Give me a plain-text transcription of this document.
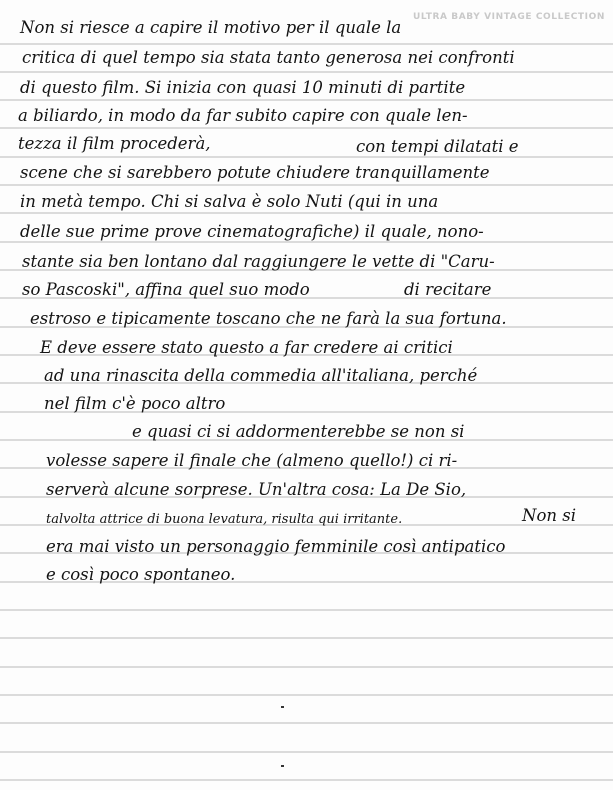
ULTRA BABY VINTAGE COLLECTION
Non si riesce a capire il motivo per il quale la
critica di quel tempo sia stata tanto generosa nei confronti
di questo film. Si inizia con quasi 10 minuti di partite
a biliardo, in modo da far subito capire con quale len-
tezza il film procederà,	con tempi dilatati e
scene che si sarebbero potute chiudere tranquillamente
in metà tempo. Chi si salva è solo Nuti (qui in una
delle sue prime prove cinematografiche) il quale, nono-
stante sia ben lontano dal raggiungere le vette di "Caru-
so Pascoski", affina quel suo modo	di recitare
estroso e tipicamente toscano che ne farà la sua fortuna.
E deve essere stato questo a far credere ai critici
ad una rinascita della commedia all'italiana, perché
nel film c'è poco altro
e quasi ci si addormenterebbe se non si
volesse sapere il finale che (almeno quello!) ci ri-
serverà alcune sorprese. Un'altra cosa: La De Sio,
talvolta attrice di buona levatura, risulta qui irritante.	Non si
era mai visto un personaggio femminile così antipatico
e così poco spontaneo.
